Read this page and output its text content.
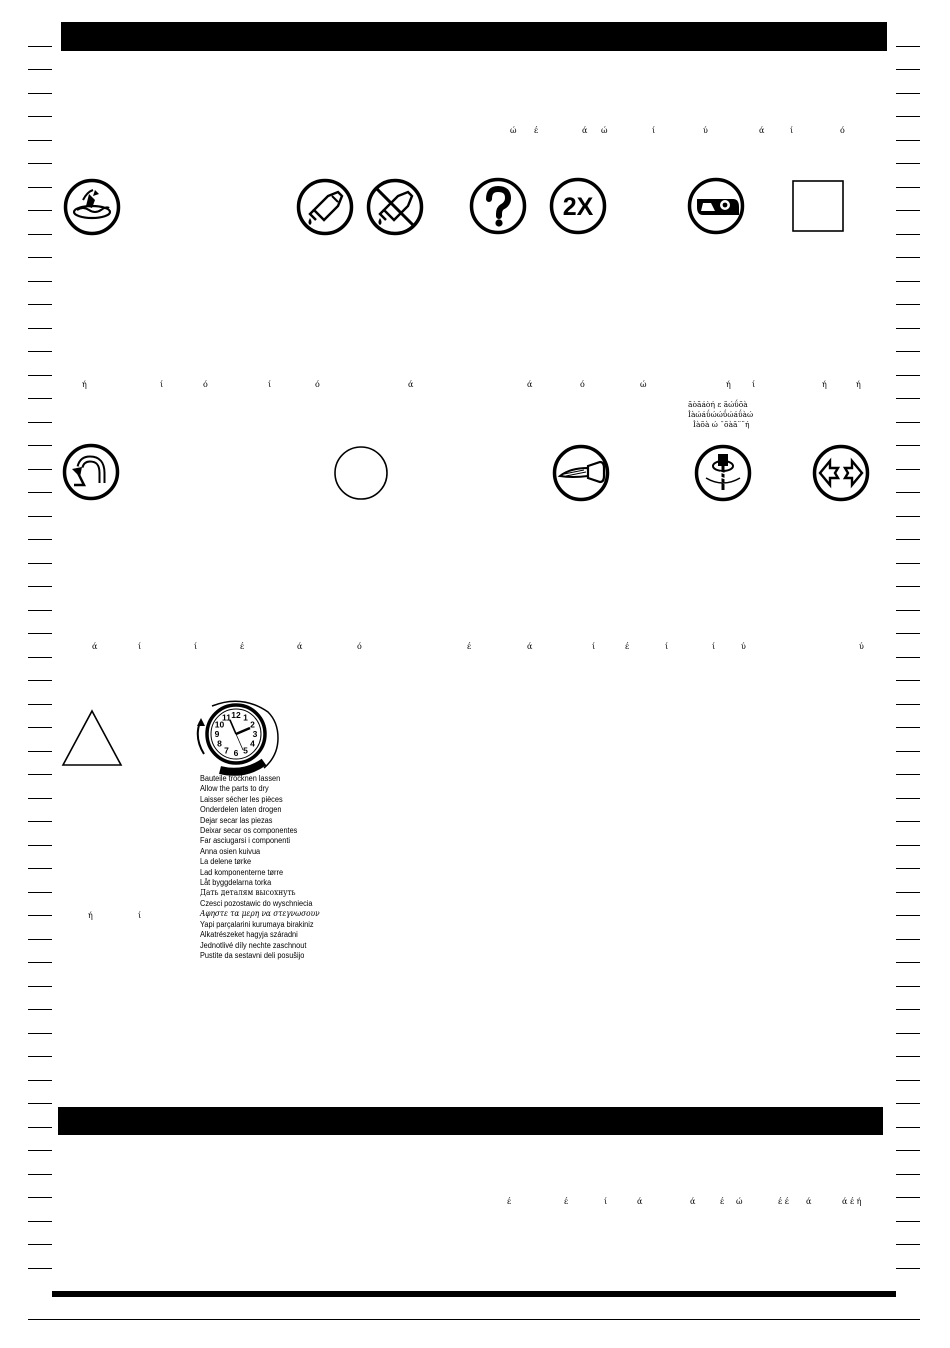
ώ έ	ά ώ	ί	ύ	ά	ί	ό
2X
ή	ί	ό	ί	ό	ά	ά	ό	ώ	ή	ί	ή	ή
ãòãáòή ε ãώΰõà
Ìàώáΰώώΰώáΰàώ
Ìàõà ώ ¯õàã¨¨ή
ά	ί	ί	έ	ά	ό	έ	ά	ί	έ	ί	ί	ύ	ύ
ή	ί
12 1
2
3
4
5
6
7
8
9
10
11
Bauteile trocknen lassen
Allow the parts to dry
Laisser sécher les pièces
Onderdelen laten drogen
Dejar secar las piezas
Deixar secar os componentes
Far asciugarsi i componenti
Anna osien kuivua
La delene tørke
Lad komponenterne tørre
Låt byggdelarna torka
Дать деталям высохнуть
Czesci pozostawic do wyschniecia
Αφηστε τα μερη να στεγνωσουν
Yapi parçalarini kurumaya birakiniz
Alkatrészeket hagyja száradni
Jednotlivé díly nechte zaschnout
Pustite da sestavni deli posušijo
έ	έ	ί	ά	ά	έ ώ	έ έ ά	ά έ ή
